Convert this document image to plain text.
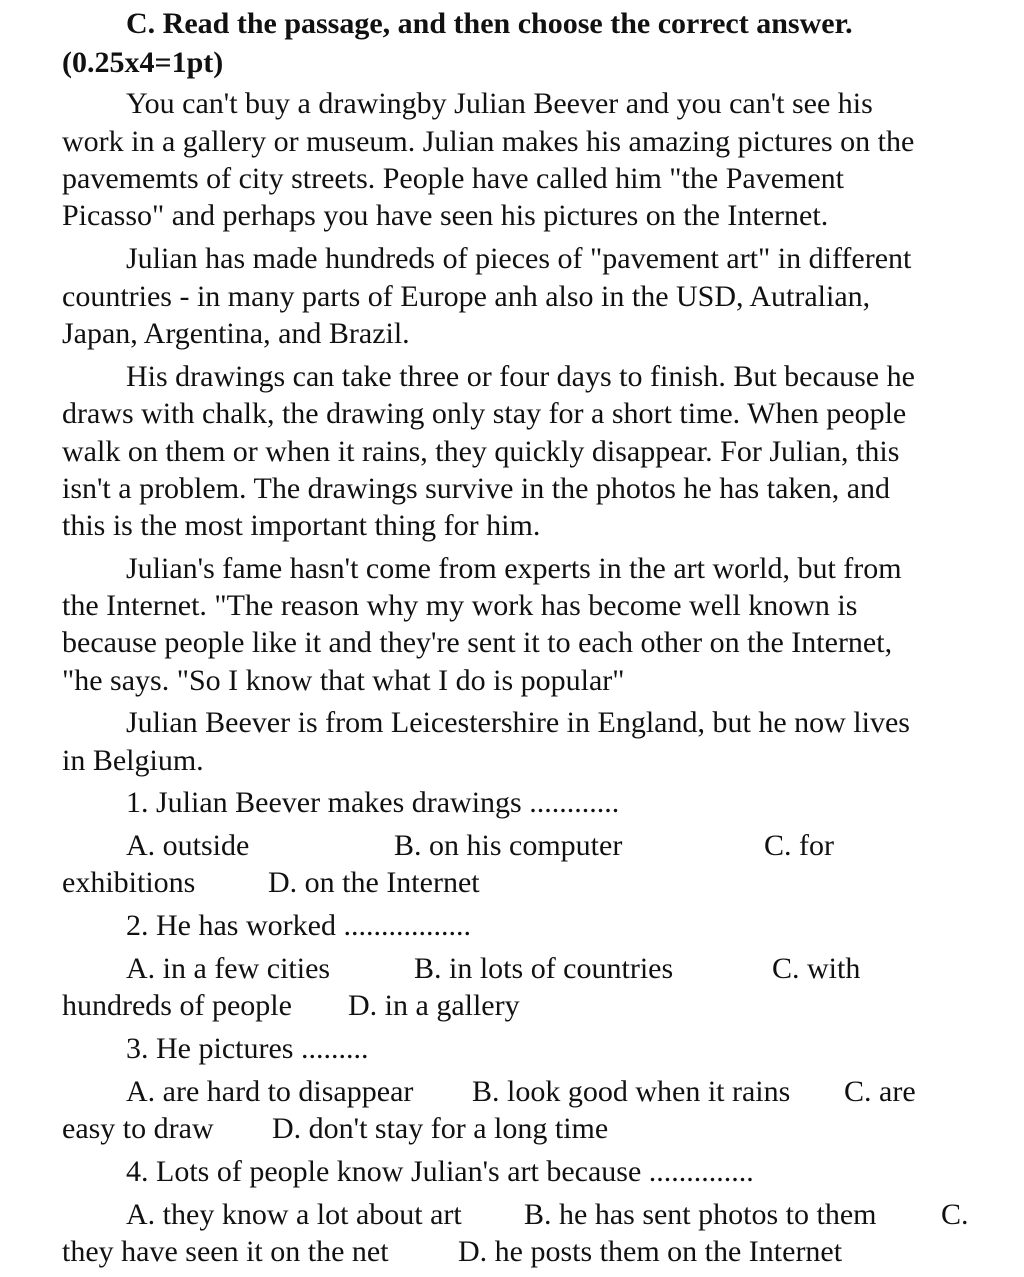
C. Read the passage, and then choose the correct answer.

(0.25x4=1pt)

You can't buy a drawingby Julian Beever and you can't see his

work in a gallery or museum. Julian makes his amazing pictures on the

pavememts of city streets. People have called him "the Pavement

Picasso" and perhaps you have seen his pictures on the Internet.

Julian has made hundreds of pieces of "pavement art" in different

countries - in many parts of Europe anh also in the USD, Autralian,

Japan, Argentina, and Brazil.

His drawings can take three or four days to finish. But because he

draws with chalk, the drawing only stay for a short time. When people

walk on them or when it rains, they quickly disappear. For Julian, this

isn't a problem. The drawings survive in the photos he has taken, and

this is the most important thing for him.

Julian's fame hasn't come from experts in the art world, but from

the Internet. "The reason why my work has become well known is

because people like it and they're sent it to each other on the Internet,

"he says. "So I know that what I do is popular"

Julian Beever is from Leicestershire in England, but he now lives

in Belgium.

1. Julian Beever makes drawings ............

A. outside	B. on his computer	C. for

exhibitions D. on the Internet

2. He has worked .................

A. in a few cities	B. in lots of countries	C. with

hundreds of people D. in a gallery

3. He pictures .........

A. are hard to disappear B. look good when it rains C. are

easy to draw D. don't stay for a long time

4. Lots of people know Julian's art because ..............

A. they know a lot about art B. he has sent photos to them C.

they have seen it on the net D. he posts them on the Internet
